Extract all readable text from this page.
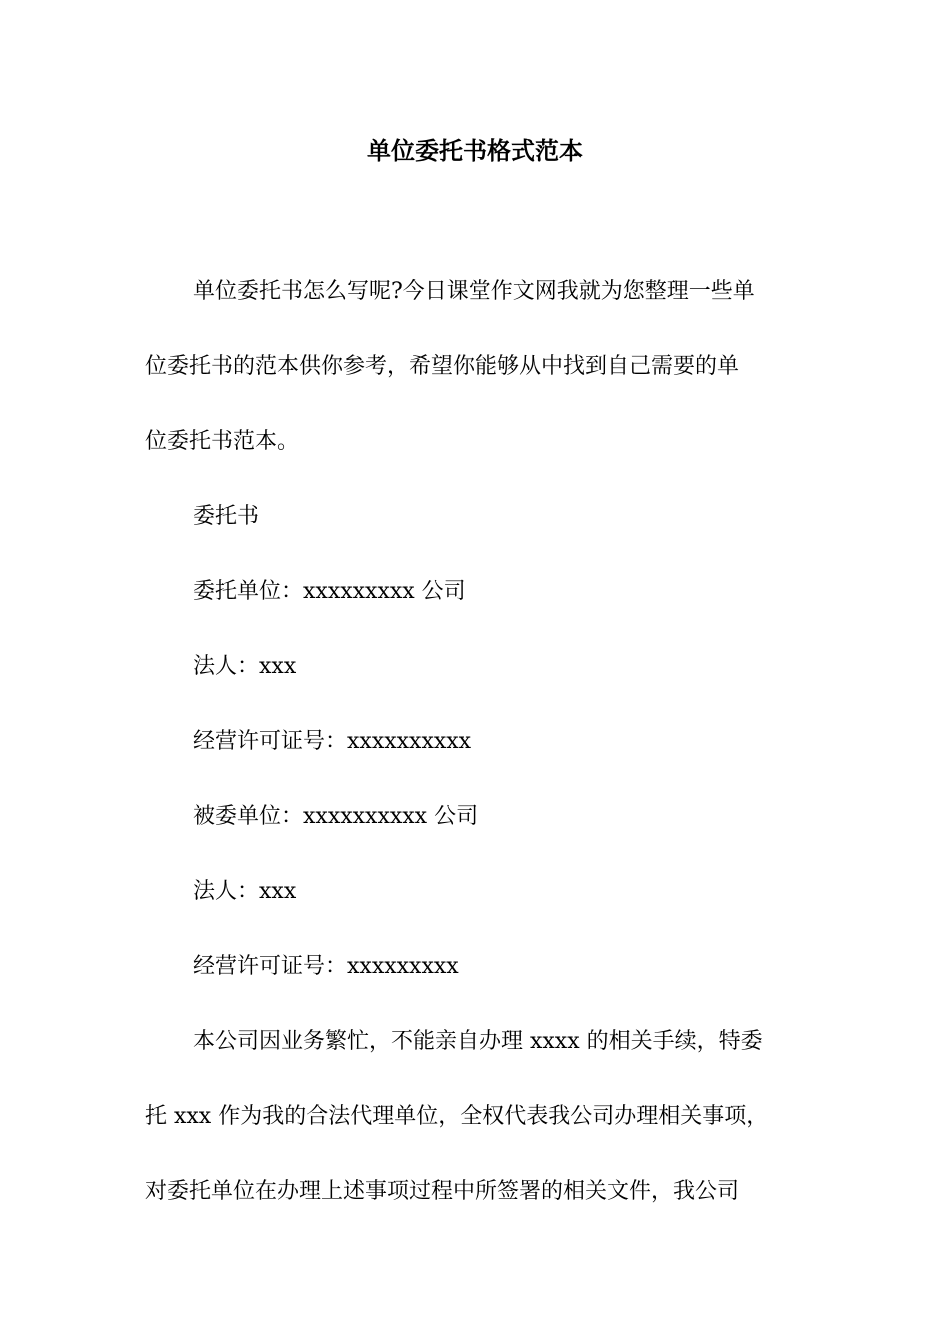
单位委托书格式范本
单位委托书怎么写呢?今日课堂作文网我就为您整理一些单
位委托书的范本供你参考，希望你能够从中找到自己需要的单
位委托书范本。
委托书
委托单位：xxxxxxxxx 公司
法人：xxx
经营许可证号：xxxxxxxxxx
被委单位：xxxxxxxxxx 公司
法人：xxx
经营许可证号：xxxxxxxxx
本公司因业务繁忙，不能亲自办理 xxxx 的相关手续，特委
托 xxx 作为我的合法代理单位，全权代表我公司办理相关事项，
对委托单位在办理上述事项过程中所签署的相关文件，我公司
